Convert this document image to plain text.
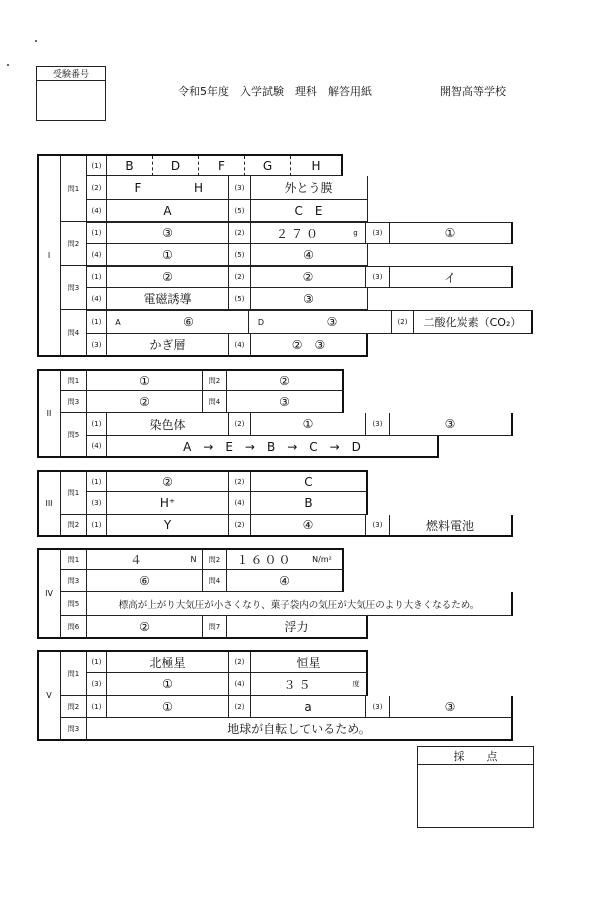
受験番号
令和5年度　入学試験　理科　解答用紙	開智高等学校
I
問1
(1)	B	D	F	G	H
(2)	F	H	(3)	外とう膜
(4)	A	(5)	C　E
問2
(1)	③	(2)	２７０	g	(3)	①
(4)	①	(5)	④
問3
(1)	②	(2)	②	(3)	イ
(4)	電磁誘導	(5)	③
問4
(1)	A	⑥	D	③	(2)	二酸化炭素（CO₂）
(3)	かぎ層	(4)	②　③
II
問1	①	問2	②
問3	②	問4	③
問5
(1)	染色体	(2)	①	(3)	③
(4)	A　→　E　→　B　→　C　→　D
III
問1
(1)	②	(2)	C
(3)	H⁺	(4)	B
問2	(1)	Y	(2)	④	(3)	燃料電池
IV
問1	４	N	問2	１６００	N/m²
問3	⑥	問4	④
問5	標高が上がり大気圧が小さくなり、菓子袋内の気圧が大気圧のより大きくなるため。
問6	②	問7	浮力
V
問1
(1)	北極星	(2)	恒星
(3)	①	(4)	３５	度
問2	(1)	①	(2)	a	(3)	③
問3	地球が自転しているため。
採　　点
